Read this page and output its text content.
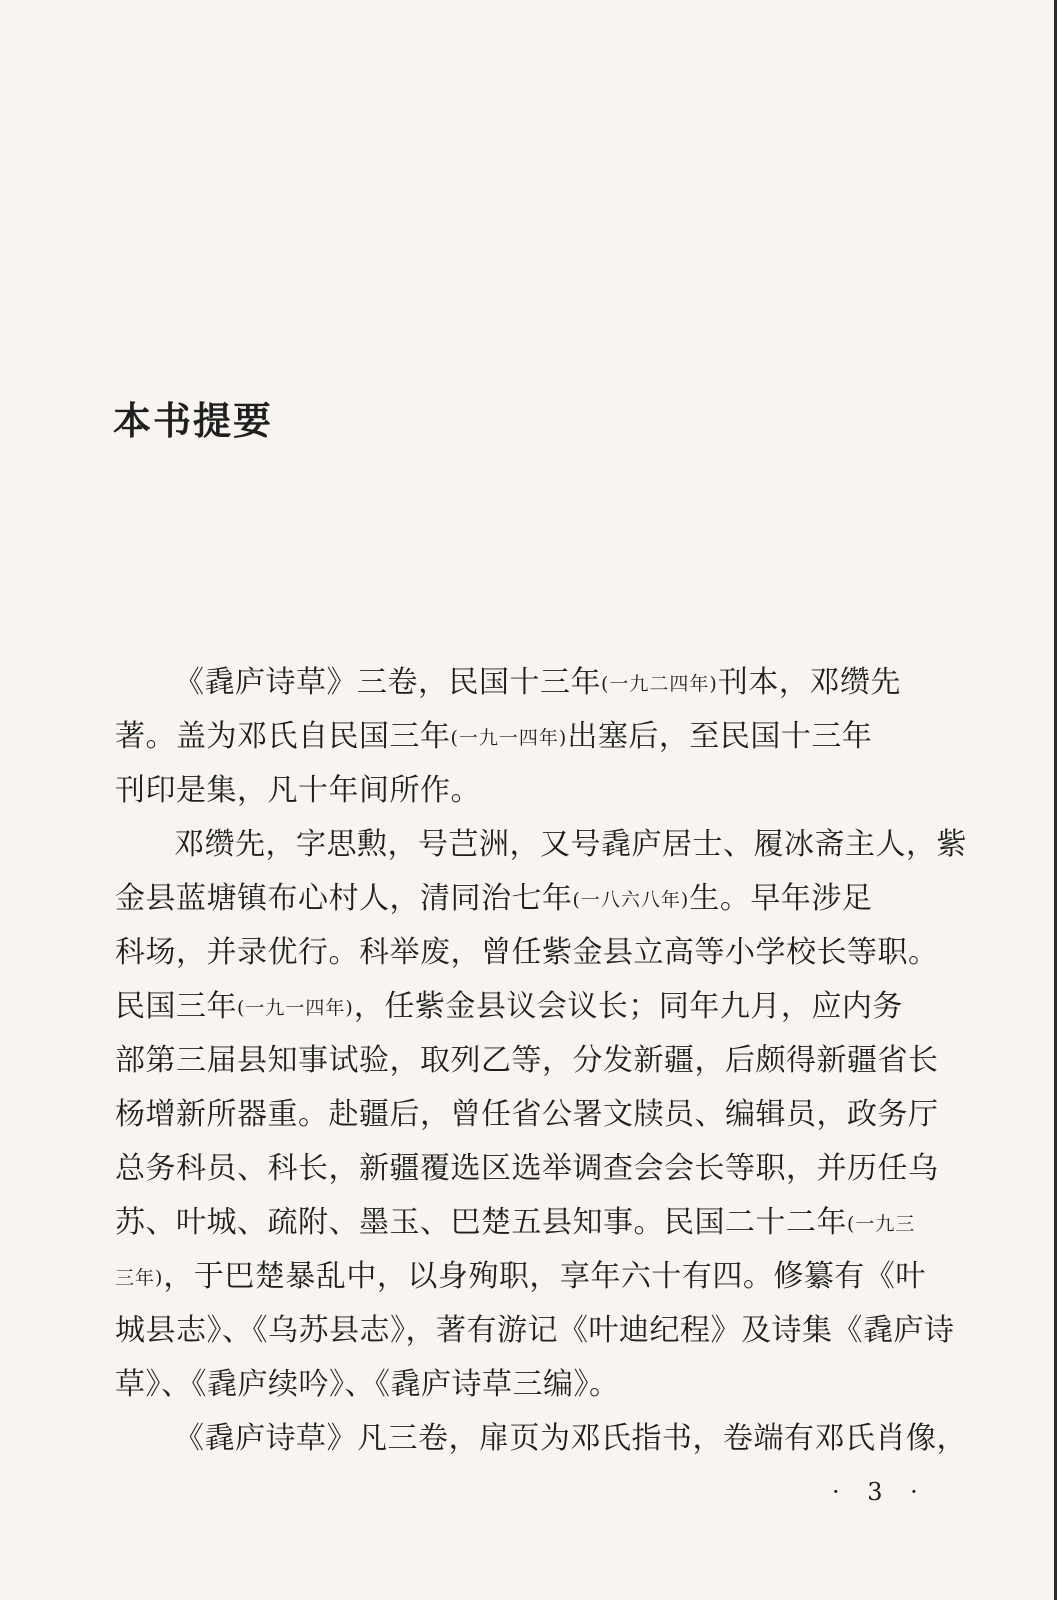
本书提要
《毳庐诗草》三卷，民国十三年(一九二四年)刊本，邓缵先
著。盖为邓氏自民国三年(一九一四年)出塞后，至民国十三年
刊印是集，凡十年间所作。
邓缵先，字思勲，号芑洲，又号毳庐居士、履冰斋主人，紫
金县蓝塘镇布心村人，清同治七年(一八六八年)生。早年涉足
科场，并录优行。科举废，曾任紫金县立高等小学校长等职。
民国三年(一九一四年)，任紫金县议会议长；同年九月，应内务
部第三届县知事试验，取列乙等，分发新疆，后颇得新疆省长
杨增新所器重。赴疆后，曾任省公署文牍员、编辑员，政务厅
总务科员、科长，新疆覆选区选举调查会会长等职，并历任乌
苏、叶城、疏附、墨玉、巴楚五县知事。民国二十二年(一九三
三年)，于巴楚暴乱中，以身殉职，享年六十有四。修纂有《叶
城县志》、《乌苏县志》，著有游记《叶迪纪程》及诗集《毳庐诗
草》、《毳庐续吟》、《毳庐诗草三编》。
《毳庐诗草》凡三卷，扉页为邓氏指书，卷端有邓氏肖像，
· 3 ·
